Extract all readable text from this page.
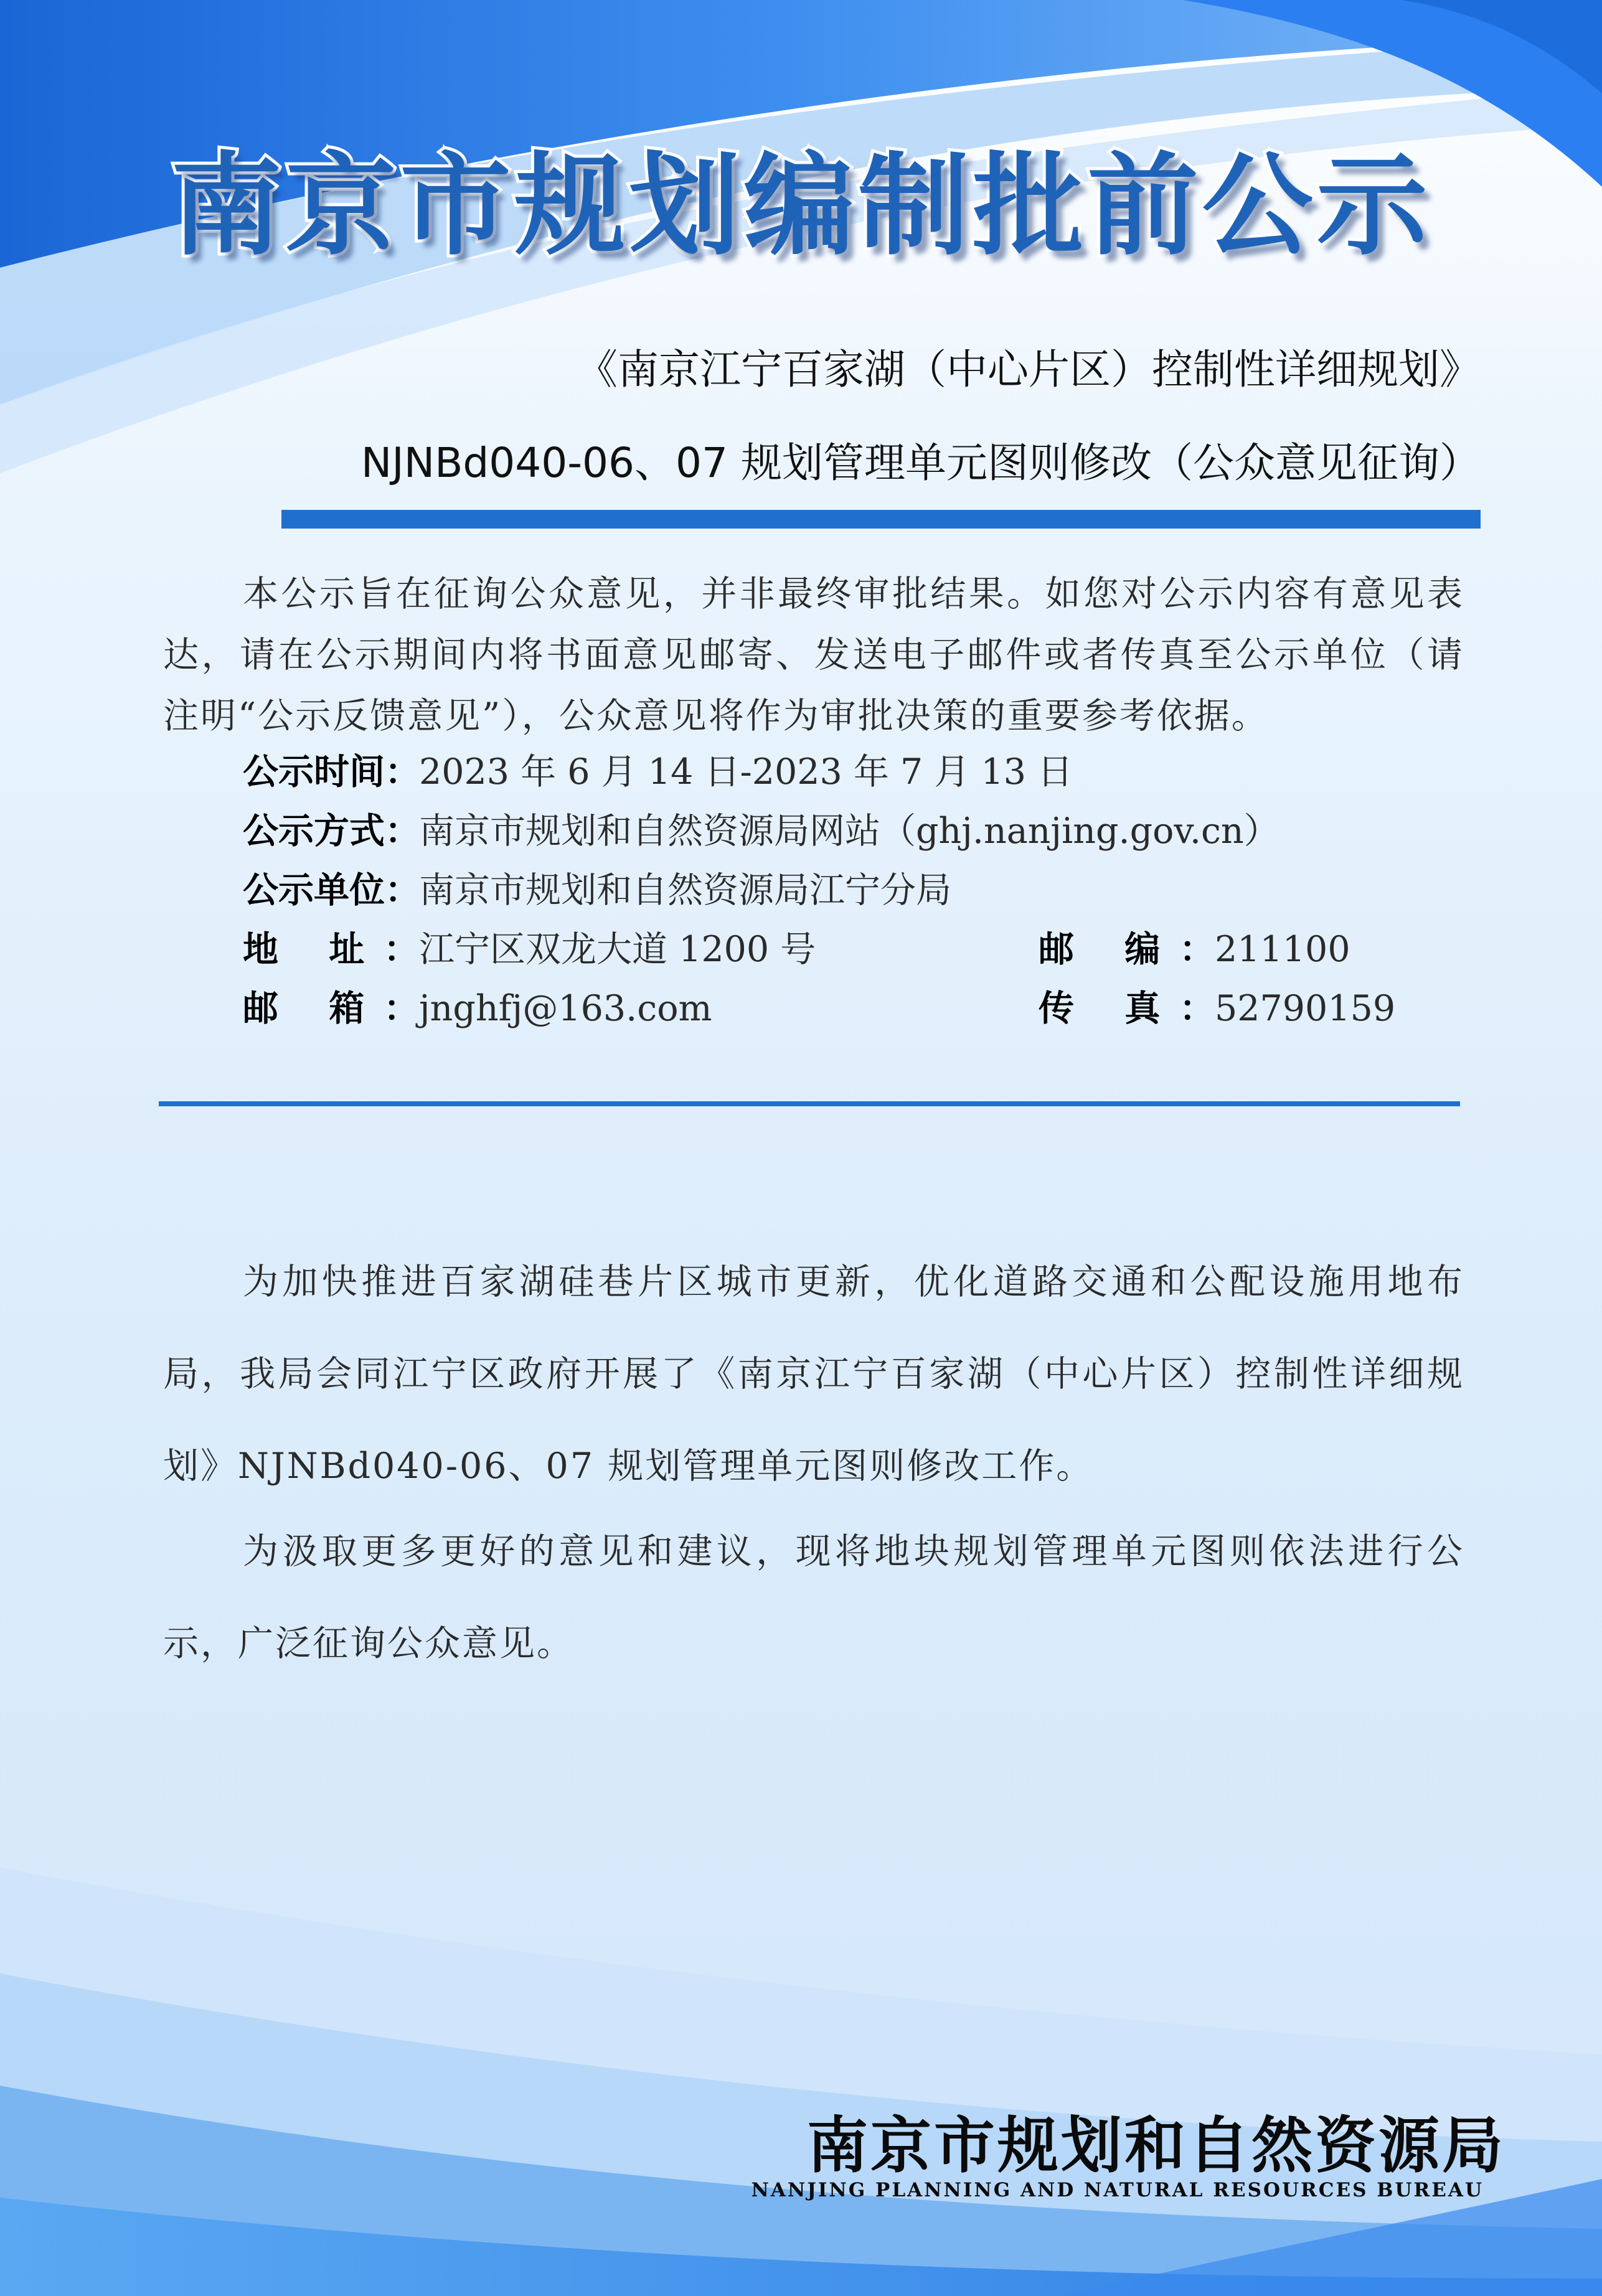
南京市规划编制批前公示
《南京江宁百家湖（中心片区）控制性详细规划》
NJNBd040-06、07 规划管理单元图则修改（公众意见征询）
本公示旨在征询公众意见，并非最终审批结果。如您对公示内容有意见表达，请在公示期间内将书面意见邮寄、发送电子邮件或者传真至公示单位（请注明“公示反馈意见”），公众意见将作为审批决策的重要参考依据。
公示时间：2023 年 6 月 14 日-2023 年 7 月 13 日
公示方式：南京市规划和自然资源局网站（ghj.nanjing.gov.cn）
公示单位：南京市规划和自然资源局江宁分局
地 址：江宁区双龙大道 1200 号	邮 编：211100
邮 箱：jnghfj@163.com	传 真：52790159
为加快推进百家湖硅巷片区城市更新，优化道路交通和公配设施用地布局，我局会同江宁区政府开展了《南京江宁百家湖（中心片区）控制性详细规划》NJNBd040-06、07 规划管理单元图则修改工作。
为汲取更多更好的意见和建议，现将地块规划管理单元图则依法进行公示，广泛征询公众意见。
南京市规划和自然资源局
NANJING PLANNING AND NATURAL RESOURCES BUREAU
